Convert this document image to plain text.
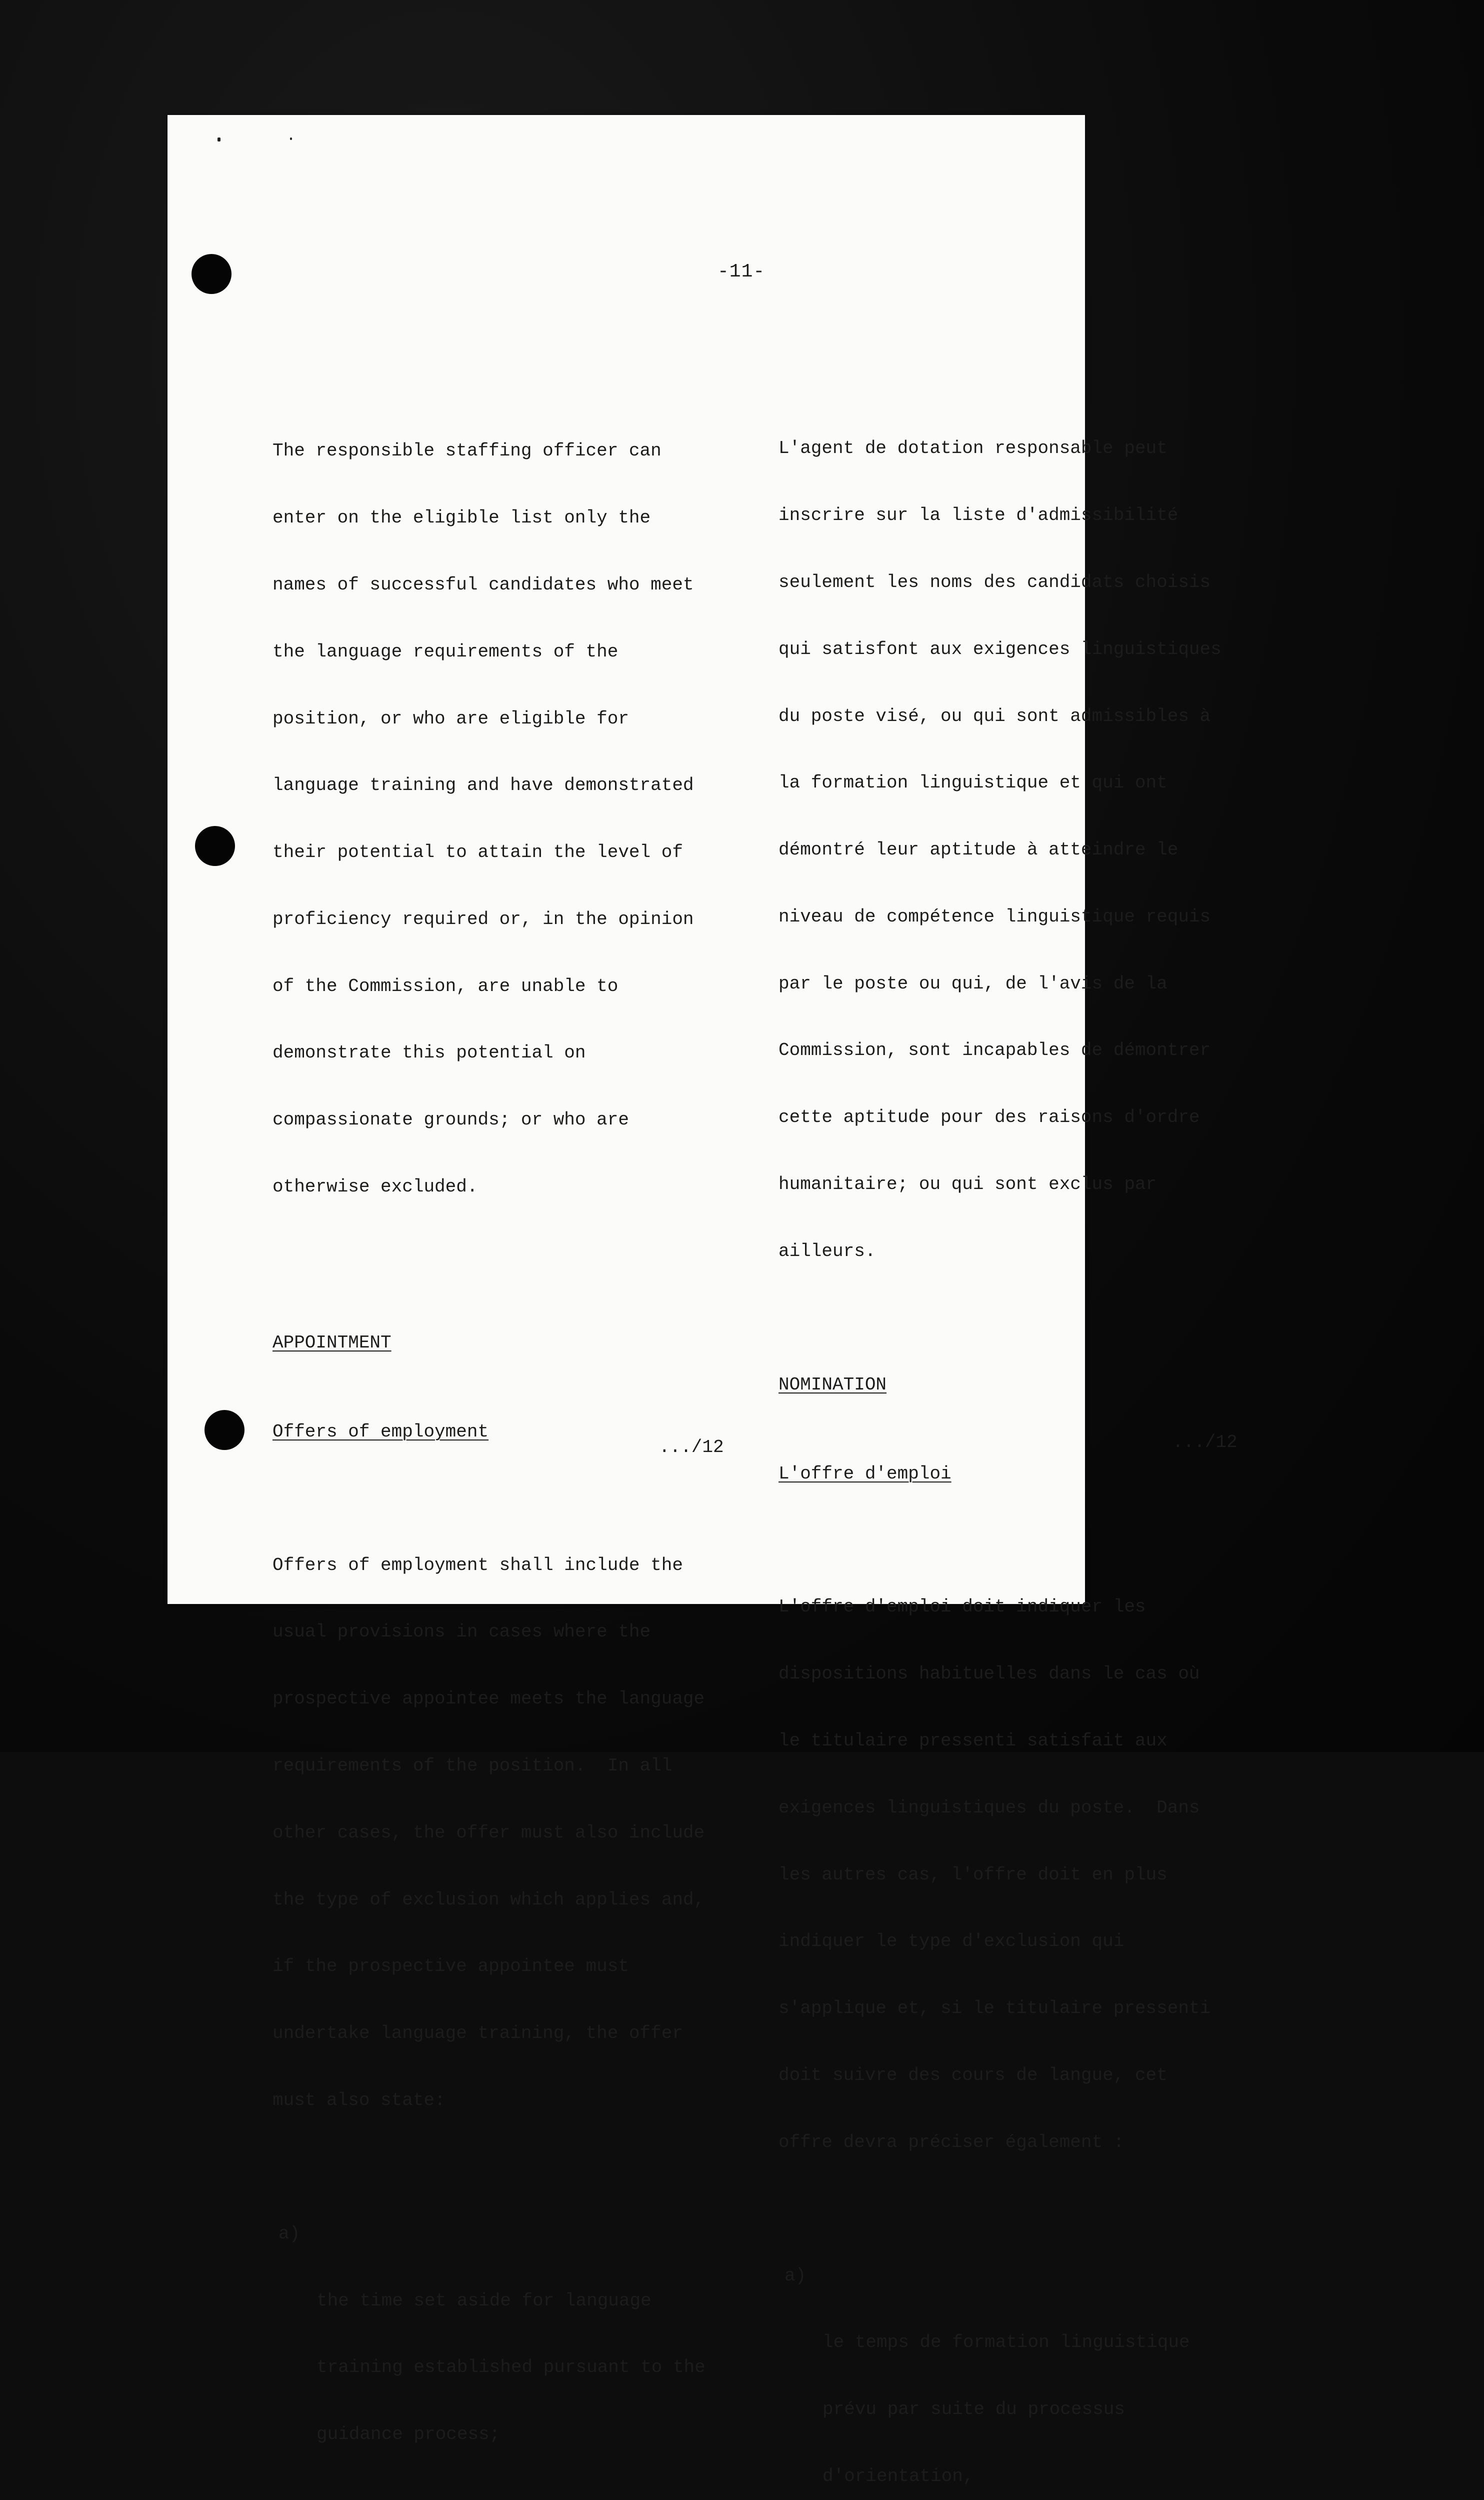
-11-

The responsible staffing officer can

enter on the eligible list only the

names of successful candidates who meet

the language requirements of the

position, or who are eligible for

language training and have demonstrated

their potential to attain the level of

proficiency required or, in the opinion

of the Commission, are unable to

demonstrate this potential on

compassionate grounds; or who are

otherwise excluded.

APPOINTMENT

Offers of employment

Offers of employment shall include the

usual provisions in cases where the

prospective appointee meets the language

requirements of the position.  In all

other cases, the offer must also include

the type of exclusion which applies and,

if the prospective appointee must

undertake language training, the offer

must also state:

a)

the time set aside for language

training established pursuant to the

guidance process;

L'agent de dotation responsable peut

inscrire sur la liste d'admissibilité

seulement les noms des candidats choisis

qui satisfont aux exigences linguistiques

du poste visé, ou qui sont admissibles à

la formation linguistique et qui ont

démontré leur aptitude à atteindre le

niveau de compétence linguistique requis

par le poste ou qui, de l'avis de la

Commission, sont incapables de démontrer

cette aptitude pour des raisons d'ordre

humanitaire; ou qui sont exclus par

ailleurs.

NOMINATION

L'offre d'emploi

L'offre d'emploi doit indiquer les

dispositions habituelles dans le cas où

le titulaire pressenti satisfait aux

exigences linguistiques du poste.  Dans

les autres cas, l'offre doit en plus

indiquer le type d'exclusion qui

s'applique et, si le titulaire pressenti

doit suivre des cours de langue, cet

offre devra préciser également :

a)

le temps de formation linguistique

prévu par suite du processus

d'orientation,

.../12	.../12
